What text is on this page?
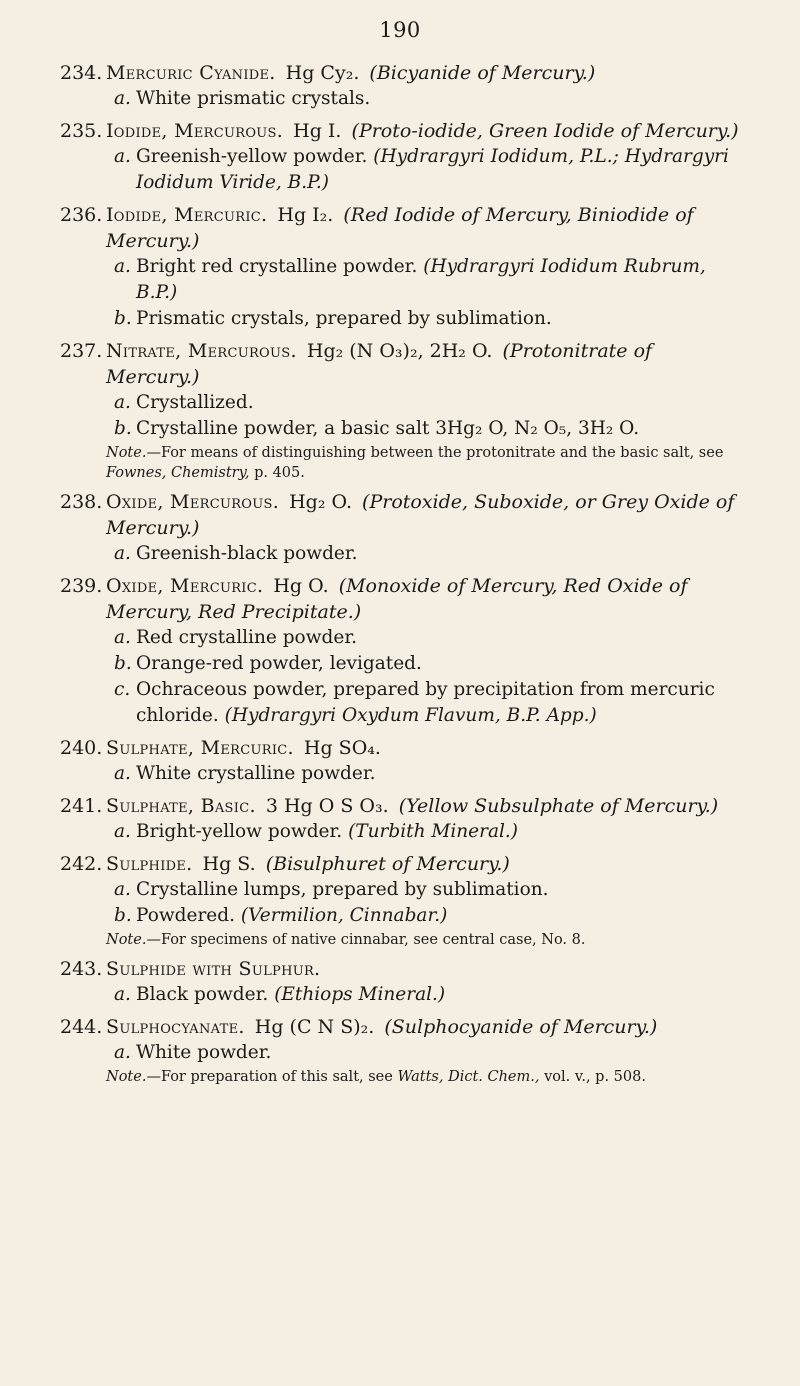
190
234. Mercuric Cyanide. Hg Cy₂. (Bicyanide of Mercury.)
a. White prismatic crystals.
235. Iodide, Mercurous. Hg I. (Proto-iodide, Green Iodide of Mercury.)
a. Greenish-yellow powder. (Hydrargyri Iodidum, P.L.; Hydrargyri Iodidum Viride, B.P.)
236. Iodide, Mercuric. Hg I₂. (Red Iodide of Mercury, Biniodide of Mercury.)
a. Bright red crystalline powder. (Hydrargyri Iodidum Rubrum, B.P.)
b. Prismatic crystals, prepared by sublimation.
237. Nitrate, Mercurous. Hg₂ (N O₃)₂, 2H₂ O. (Protonitrate of Mercury.)
a. Crystallized.
b. Crystalline powder, a basic salt 3Hg₂ O, N₂ O₅, 3H₂ O.
Note.—For means of distinguishing between the protonitrate and the basic salt, see Fownes, Chemistry, p. 405.
238. Oxide, Mercurous. Hg₂ O. (Protoxide, Suboxide, or Grey Oxide of Mercury.)
a. Greenish-black powder.
239. Oxide, Mercuric. Hg O. (Monoxide of Mercury, Red Oxide of Mercury, Red Precipitate.)
a. Red crystalline powder.
b. Orange-red powder, levigated.
c. Ochraceous powder, prepared by precipitation from mercuric chloride. (Hydrargyri Oxydum Flavum, B.P. App.)
240. Sulphate, Mercuric. Hg SO₄.
a. White crystalline powder.
241. Sulphate, Basic. 3 Hg O S O₃. (Yellow Subsulphate of Mercury.)
a. Bright-yellow powder. (Turbith Mineral.)
242. Sulphide. Hg S. (Bisulphuret of Mercury.)
a. Crystalline lumps, prepared by sublimation.
b. Powdered. (Vermilion, Cinnabar.)
Note.—For specimens of native cinnabar, see central case, No. 8.
243. Sulphide with Sulphur.
a. Black powder. (Ethiops Mineral.)
244. Sulphocyanate. Hg (C N S)₂. (Sulphocyanide of Mercury.)
a. White powder.
Note.—For preparation of this salt, see Watts, Dict. Chem., vol. v., p. 508.
